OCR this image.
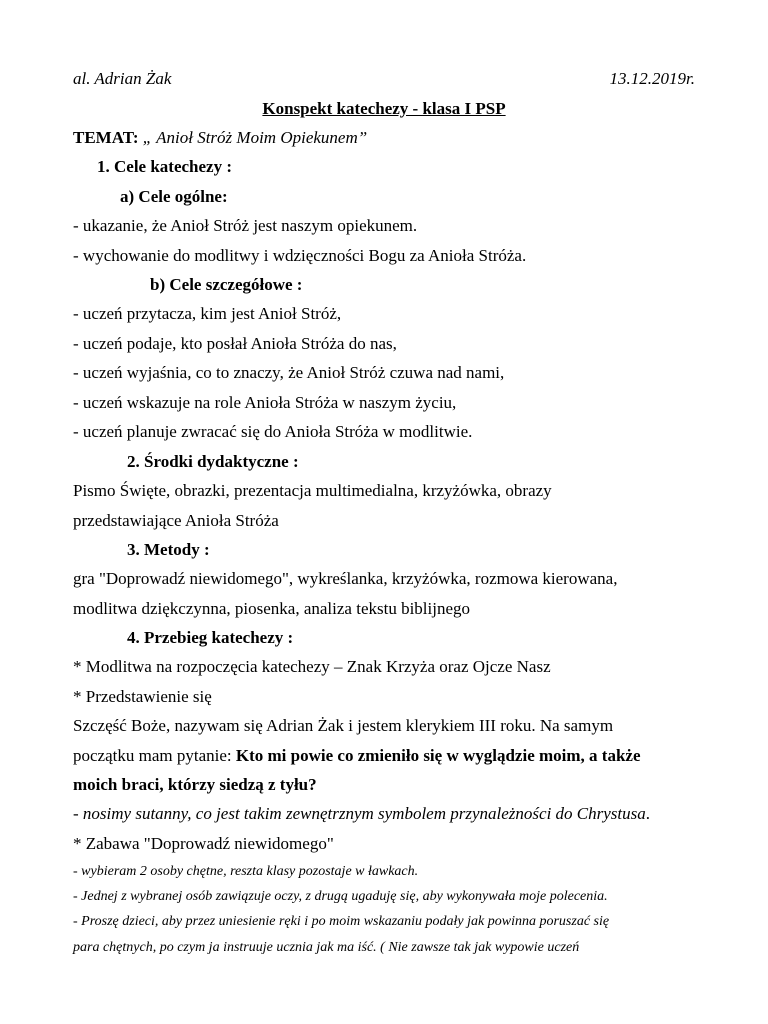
al. Adrian Żak	13.12.2019r.
Konspekt katechezy - klasa I PSP
TEMAT: „ Anioł Stróż Moim Opiekunem”
1. Cele katechezy :
a) Cele ogólne:
- ukazanie, że Anioł Stróż jest naszym opiekunem.
- wychowanie do modlitwy i wdzięczności Bogu za Anioła Stróża.
b) Cele szczegółowe :
- uczeń przytacza, kim jest Anioł Stróż,
- uczeń podaje, kto posłał Anioła Stróża do nas,
- uczeń wyjaśnia, co to znaczy, że Anioł Stróż czuwa nad nami,
- uczeń wskazuje na role Anioła Stróża w naszym życiu,
- uczeń planuje zwracać się do Anioła Stróża w modlitwie.
2. Środki dydaktyczne :
Pismo Święte, obrazki, prezentacja multimedialna, krzyżówka, obrazy
przedstawiające Anioła Stróża
3. Metody :
gra "Doprowadź niewidomego", wykreślanka, krzyżówka, rozmowa kierowana,
modlitwa dziękczynna, piosenka, analiza tekstu biblijnego
4. Przebieg katechezy :
* Modlitwa na rozpoczęcia katechezy – Znak Krzyża oraz Ojcze Nasz
* Przedstawienie się
Szczęść Boże, nazywam się Adrian Żak i jestem klerykiem III roku. Na samym
początku mam pytanie: Kto mi powie co zmieniło się w wyglądzie moim, a także
moich braci, którzy siedzą z tyłu?
- nosimy sutanny, co jest takim zewnętrznym symbolem przynależności do Chrystusa.
* Zabawa "Doprowadź niewidomego"
- wybieram 2 osoby chętne, reszta klasy pozostaje w ławkach.
- Jednej z wybranej osób zawiązuje oczy, z drugą ugaduję się, aby wykonywała moje polecenia.
- Proszę dzieci, aby przez uniesienie ręki i po moim wskazaniu podały jak powinna poruszać się
para chętnych, po czym ja instruuje ucznia jak ma iść. ( Nie zawsze tak jak wypowie uczeń
